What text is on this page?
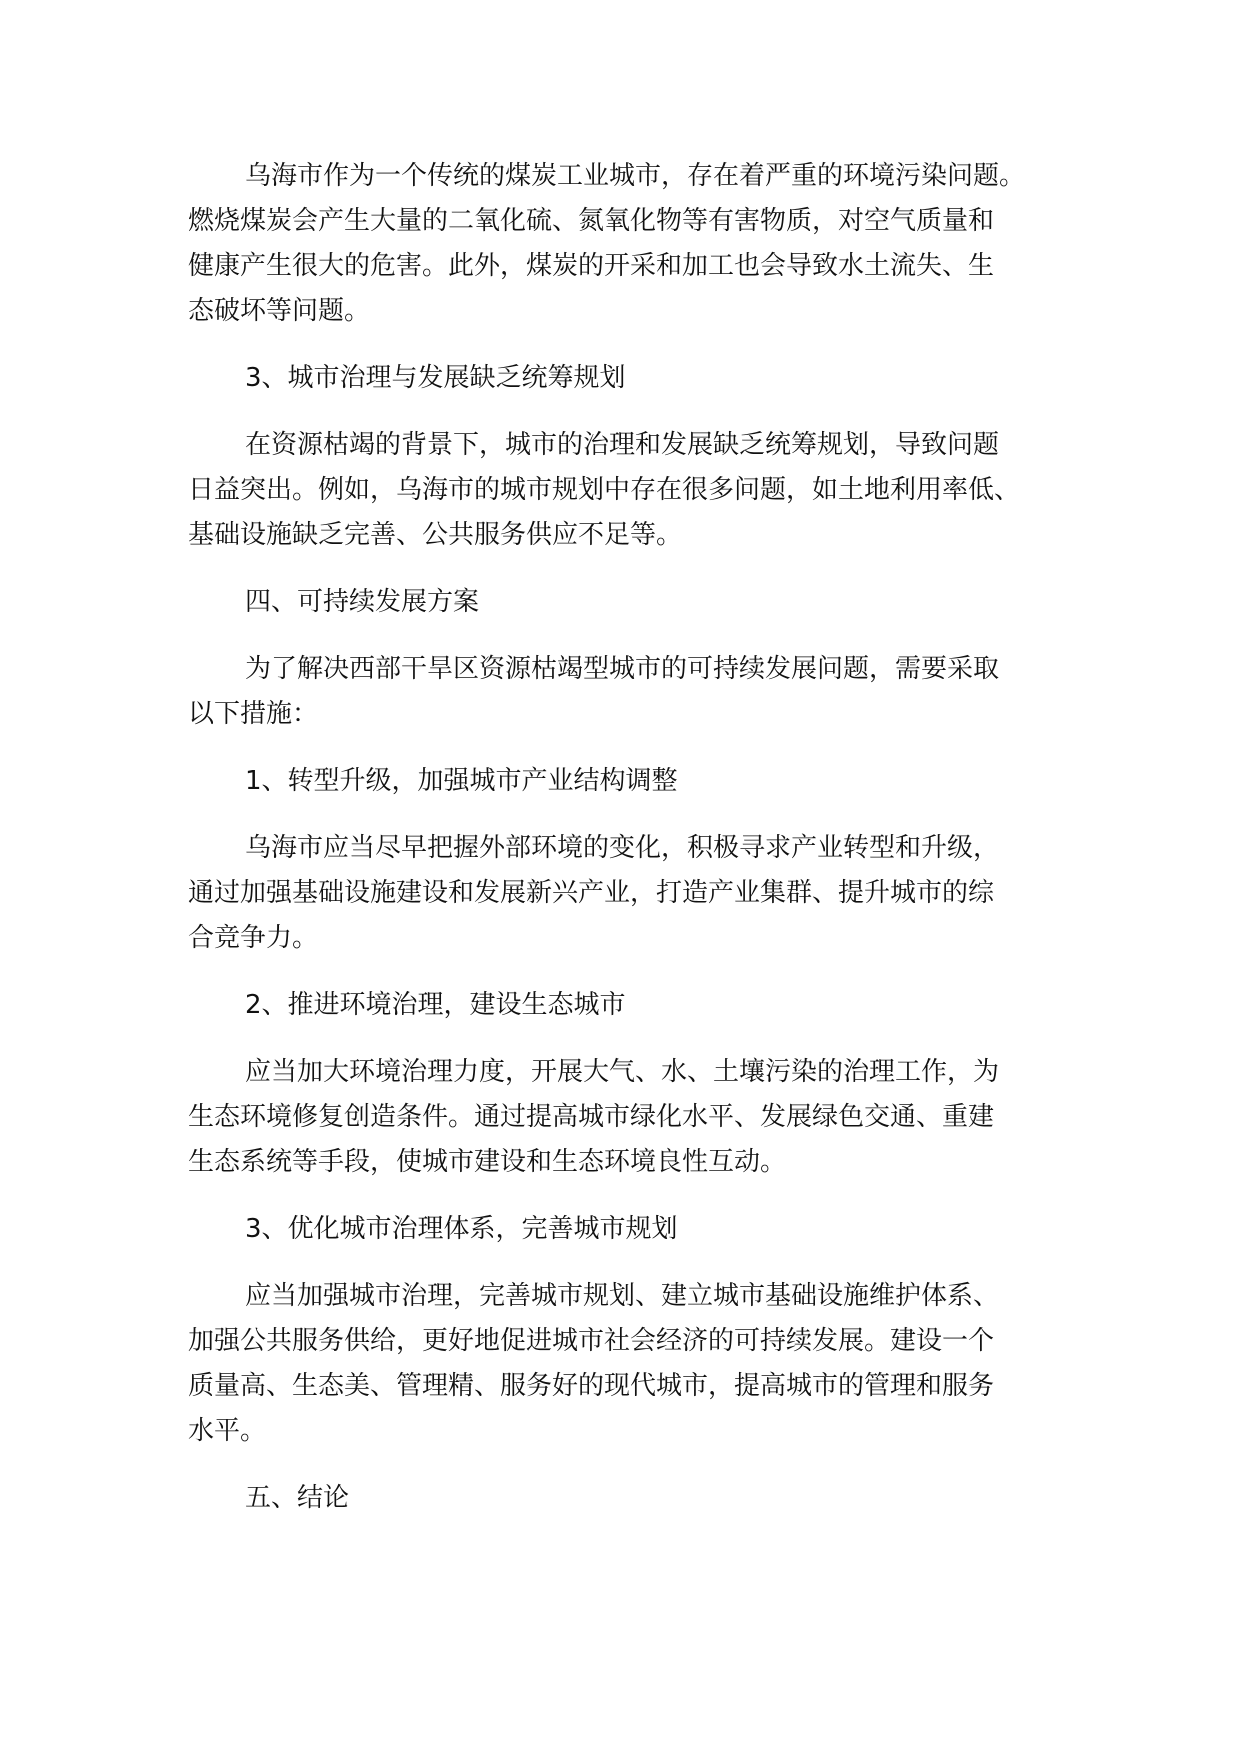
乌海市作为一个传统的煤炭工业城市，存在着严重的环境污染问题。
燃烧煤炭会产生大量的二氧化硫、氮氧化物等有害物质，对空气质量和
健康产生很大的危害。此外，煤炭的开采和加工也会导致水土流失、生
态破坏等问题。

3、城市治理与发展缺乏统筹规划

在资源枯竭的背景下，城市的治理和发展缺乏统筹规划，导致问题
日益突出。例如，乌海市的城市规划中存在很多问题，如土地利用率低、
基础设施缺乏完善、公共服务供应不足等。

四、可持续发展方案

为了解决西部干旱区资源枯竭型城市的可持续发展问题，需要采取
以下措施：

1、转型升级，加强城市产业结构调整

乌海市应当尽早把握外部环境的变化，积极寻求产业转型和升级，
通过加强基础设施建设和发展新兴产业，打造产业集群、提升城市的综
合竞争力。

2、推进环境治理，建设生态城市

应当加大环境治理力度，开展大气、水、土壤污染的治理工作，为
生态环境修复创造条件。通过提高城市绿化水平、发展绿色交通、重建
生态系统等手段，使城市建设和生态环境良性互动。

3、优化城市治理体系，完善城市规划

应当加强城市治理，完善城市规划、建立城市基础设施维护体系、
加强公共服务供给，更好地促进城市社会经济的可持续发展。建设一个
质量高、生态美、管理精、服务好的现代城市，提高城市的管理和服务
水平。

五、结论
